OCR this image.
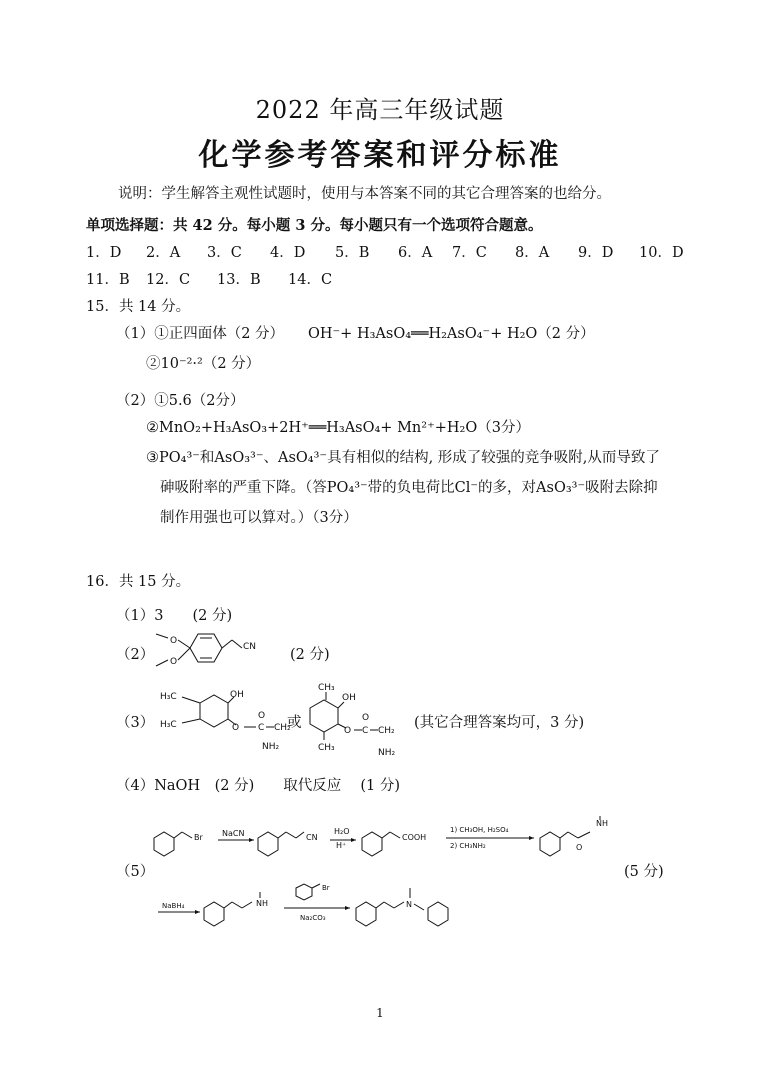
2022 年高三年级试题
化学参考答案和评分标准
说明：学生解答主观性试题时，使用与本答案不同的其它合理答案的也给分。
单项选择题：共 42 分。每小题 3 分。每小题只有一个选项符合题意。
1．D 2．A 3．C 4．D 5．B 6．A 7．C 8．A 9．D 10．D
11．B 12．C 13．B 14．C
15．共 14 分。
（1）①正四面体（2 分） OH⁻+ H₃AsO₄══H₂AsO₄⁻+ H₂O（2 分）
②10⁻²·²（2 分）
（2）①5.6（2分）
②MnO₂+H₃AsO₃+2H⁺══H₃AsO₄+ Mn²⁺+H₂O（3分）
③PO₄³⁻和AsO₃³⁻、AsO₄³⁻具有相似的结构, 形成了较强的竞争吸附,从而导致了
砷吸附率的严重下降。（答PO₄³⁻带的负电荷比Cl⁻的多，对AsO₃³⁻吸附去除抑
制作用强也可以算对。）（3分）
16．共 15 分。
（1）3　　(2 分)
（2）
O
O
CN (2 分)
（3）
H₃C
H₃C
OH
O C
O
CH₂
NH₂
或
CH₃
OH
CH₃
O C
O
CH₂
NH₂
(其它合理答案均可，3 分)
（4）NaOH　(2 分)　　取代反应　 (1 分)
（5）	(5 分)
Br NaCN	CN
H₂O
H⁺
COOH
1) CH₃OH, H₂SO₄
2) CH₃NH₂	O
NH
NaBH₄	NH
Br
Na₂CO₃
N
1
